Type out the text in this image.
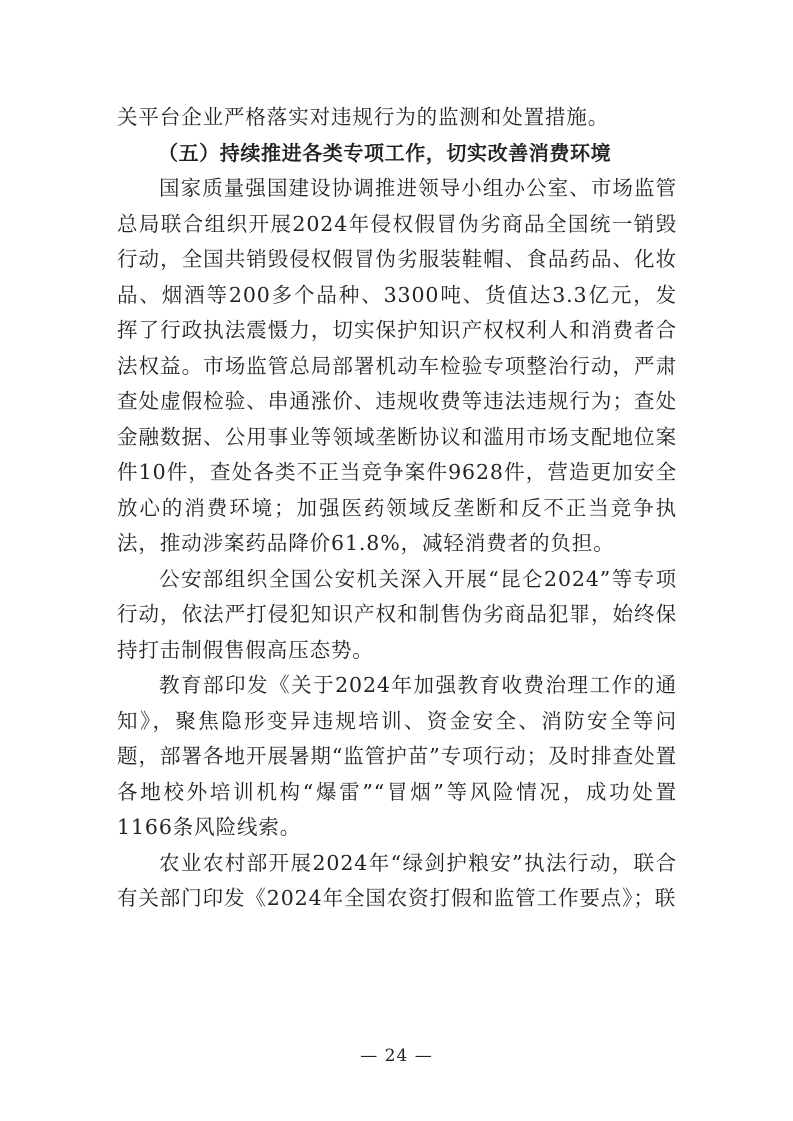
关平台企业严格落实对违规行为的监测和处置措施。

（五）持续推进各类专项工作，切实改善消费环境

国家质量强国建设协调推进领导小组办公室、市场监管总局联合组织开展2024年侵权假冒伪劣商品全国统一销毁行动，全国共销毁侵权假冒伪劣服装鞋帽、食品药品、化妆品、烟酒等200多个品种、3300吨、货值达3.3亿元，发挥了行政执法震慑力，切实保护知识产权权利人和消费者合法权益。市场监管总局部署机动车检验专项整治行动，严肃查处虚假检验、串通涨价、违规收费等违法违规行为；查处金融数据、公用事业等领域垄断协议和滥用市场支配地位案件10件，查处各类不正当竞争案件9628件，营造更加安全放心的消费环境；加强医药领域反垄断和反不正当竞争执法，推动涉案药品降价61.8%，减轻消费者的负担。

公安部组织全国公安机关深入开展“昆仑2024”等专项行动，依法严打侵犯知识产权和制售伪劣商品犯罪，始终保持打击制假售假高压态势。

教育部印发《关于2024年加强教育收费治理工作的通知》，聚焦隐形变异违规培训、资金安全、消防安全等问题，部署各地开展暑期“监管护苗”专项行动；及时排查处置各地校外培训机构“爆雷”“冒烟”等风险情况，成功处置1166条风险线索。

农业农村部开展2024年“绿剑护粮安”执法行动，联合有关部门印发《2024年全国农资打假和监管工作要点》；联

— 24 —
